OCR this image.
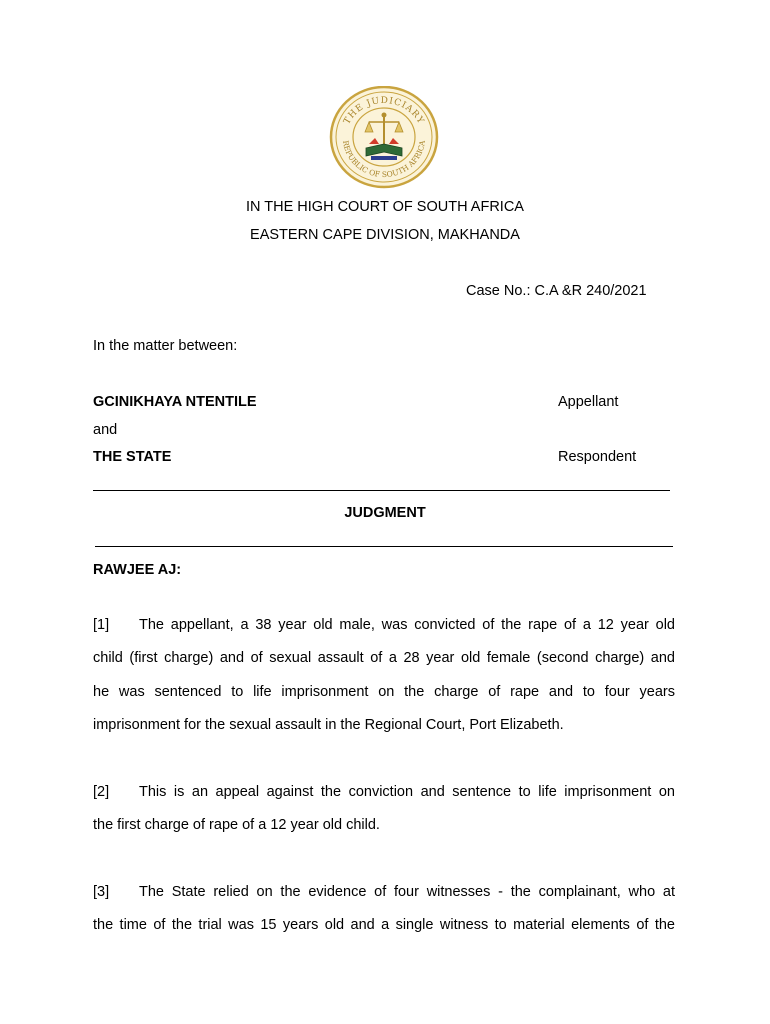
THE JUDICIARY
REPUBLIC OF SOUTH AFRICA
IN THE HIGH COURT OF SOUTH AFRICA
EASTERN CAPE DIVISION, MAKHANDA
Case No.: C.A &R 240/2021
In the matter between:
GCINIKHAYA NTENTILE	Appellant
and
THE STATE	Respondent
JUDGMENT
RAWJEE AJ:
[1] The appellant, a 38 year old male, was convicted of the rape of a 12 year old
child (first charge) and of sexual assault of a 28 year old female (second charge) and
he was sentenced to life imprisonment on the charge of rape and to four years
imprisonment for the sexual assault in the Regional Court, Port Elizabeth.
[2] This is an appeal against the conviction and sentence to life imprisonment on
the first charge of rape of a 12 year old child.
[3] The State relied on the evidence of four witnesses - the complainant, who at
the time of the trial was 15 years old and a single witness to material elements of the
